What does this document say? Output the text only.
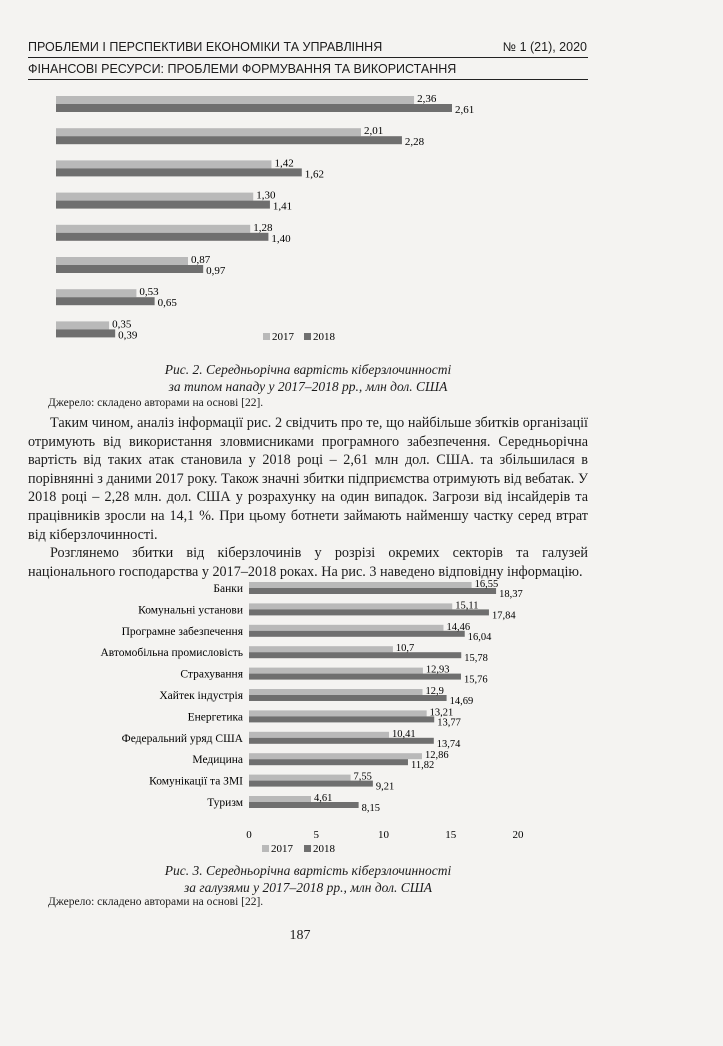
ПРОБЛЕМИ І ПЕРСПЕКТИВИ ЕКОНОМІКИ ТА УПРАВЛІННЯ	№ 1 (21), 2020
ФІНАНСОВІ РЕСУРСИ: ПРОБЛЕМИ ФОРМУВАННЯ ТА ВИКОРИСТАННЯ
2,36
2,61
2,01
2,28
1,42
1,62
1,30
1,41
1,28
1,40
0,87
0,97
0,53
0,65
0,35
0,39	2017 2018
Рис. 2. Середньорічна вартість кіберзлочинності
за типом нападу у 2017–2018 рр., млн дол. США
Джерело: складено авторами на основі [22].

Таким чином, аналіз інформації рис. 2 свідчить про те, що найбільше збитків організації отримують від використання зловмисниками програмного забезпечення. Середньорічна вартість від таких атак становила у 2018 році – 2,61 млн дол. США. та збільшилася в порівнянні з даними 2017 року. Також значні збитки підприємства отримують від вебатак. У 2018 році – 2,28 млн. дол. США у розрахунку на один випадок. Загрози від інсайдерів та працівників зросли на 14,1 %. При цьому ботнети займають найменшу частку серед втрат від кіберзлочинності.

Розглянемо збитки від кіберзлочинів у розрізі окремих секторів та галузей національного господарства у 2017–2018 роках. На рис. 3 наведено відповідну інформацію.

Банки	16,55
18,37
Комунальні установи	15,11
17,84
Програмне забезпечення	14,46
16,04
Автомобільна промисловість	10,7
15,78
Страхування	12,93
15,76
Хайтек індустрія	12,9
14,69
Енергетика	13,21
13,77
Федеральний уряд США	10,41
13,74
Медицина	12,86
11,82
Комунікації та ЗМІ	7,55
9,21
Туризм	4,61
8,15
0	5	10	15	20
2017 2018
Рис. 3. Середньорічна вартість кіберзлочинності
за галузями у 2017–2018 рр., млн дол. США
Джерело: складено авторами на основі [22].
187
